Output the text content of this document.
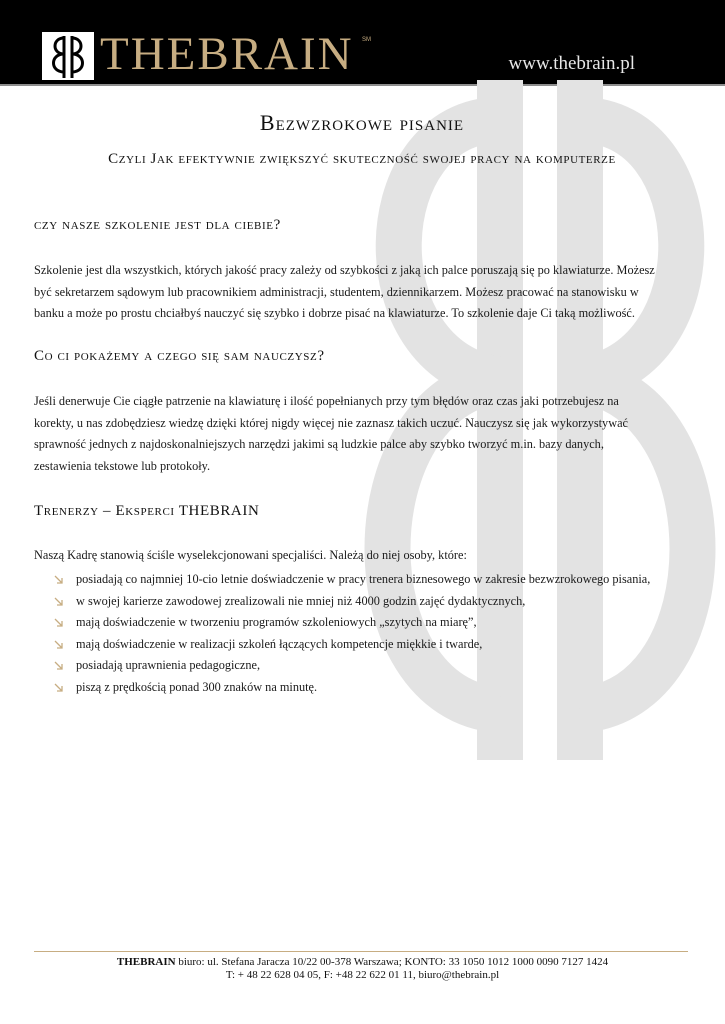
THEBRAIN SM
www.thebrain.pl
Bezwzrokowe pisanie
Czyli Jak efektywnie zwiększyć skuteczność swojej pracy na komputerze
czy nasze szkolenie jest dla ciebie?
Szkolenie jest dla wszystkich, których jakość pracy zależy od szybkości z jaką ich palce poruszają się po klawiaturze. Możesz
być sekretarzem sądowym lub pracownikiem administracji, studentem, dziennikarzem. Możesz pracować na stanowisku w
banku a może po prostu chciałbyś nauczyć się szybko i dobrze pisać na klawiaturze. To szkolenie daje Ci taką możliwość.
Co ci pokażemy a czego się sam nauczysz?
Jeśli denerwuje Cie ciągłe patrzenie na klawiaturę i ilość popełnianych przy tym błędów oraz czas jaki potrzebujesz na
korekty, u nas zdobędziesz wiedzę dzięki której nigdy więcej nie zaznasz takich uczuć. Nauczysz się jak wykorzystywać
sprawność jednych z najdoskonalniejszych narzędzi jakimi są ludzkie palce aby szybko tworzyć m.in. bazy danych,
zestawienia tekstowe lub protokoły.
Trenerzy – Eksperci THEBRAIN
Naszą Kadrę stanowią ściśle wyselekcjonowani specjaliści. Należą do niej osoby, które:
posiadają co najmniej 10-cio letnie doświadczenie w pracy trenera biznesowego w zakresie bezwzrokowego pisania,
w swojej karierze zawodowej zrealizowali nie mniej niż 4000 godzin zajęć dydaktycznych,
mają doświadczenie w tworzeniu programów szkoleniowych „szytych na miarę”,
mają doświadczenie w realizacji szkoleń łączących kompetencje miękkie i twarde,
posiadają uprawnienia pedagogiczne,
piszą z prędkością ponad 300 znaków na minutę.
THEBRAIN biuro: ul. Stefana Jaracza 10/22 00-378 Warszawa; KONTO: 33 1050 1012 1000 0090 7127 1424
T: + 48 22 628 04 05, F: +48 22 622 01 11, biuro@thebrain.pl
